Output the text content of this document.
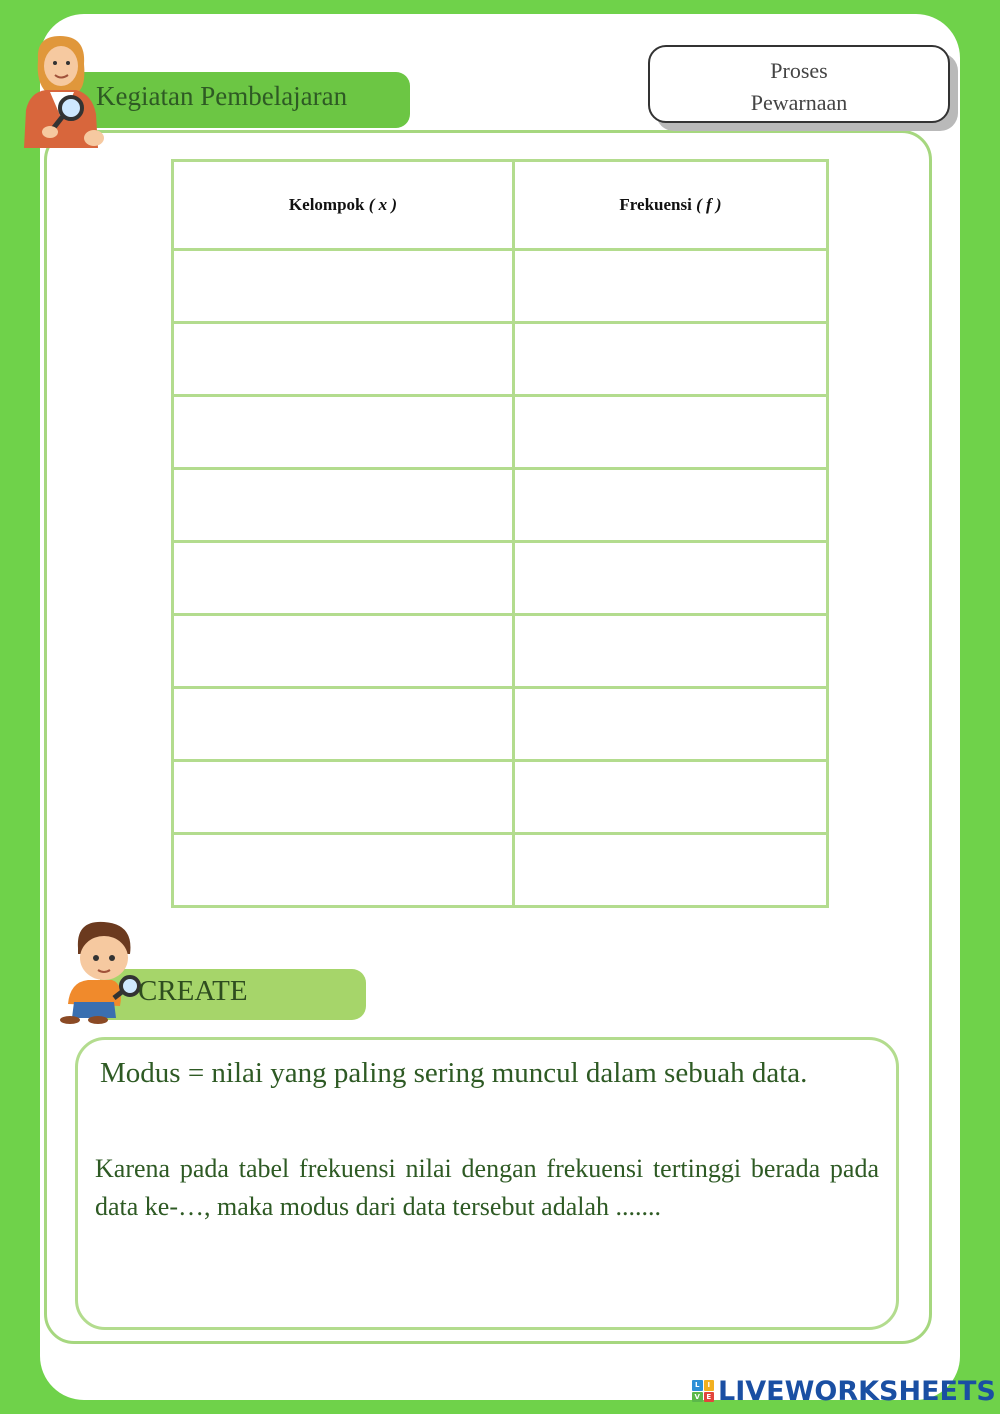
Kegiatan Pembelajaran
Proses
Pewarnaan
Kelompok ( x )	Frekuensi ( f )

CREATE
Modus = nilai yang paling sering muncul dalam sebuah data.
Karena pada tabel frekuensi nilai dengan frekuensi tertinggi berada pada data ke-…, maka modus dari data tersebut adalah .......
L	I
V E LIVEWORKSHEETS
